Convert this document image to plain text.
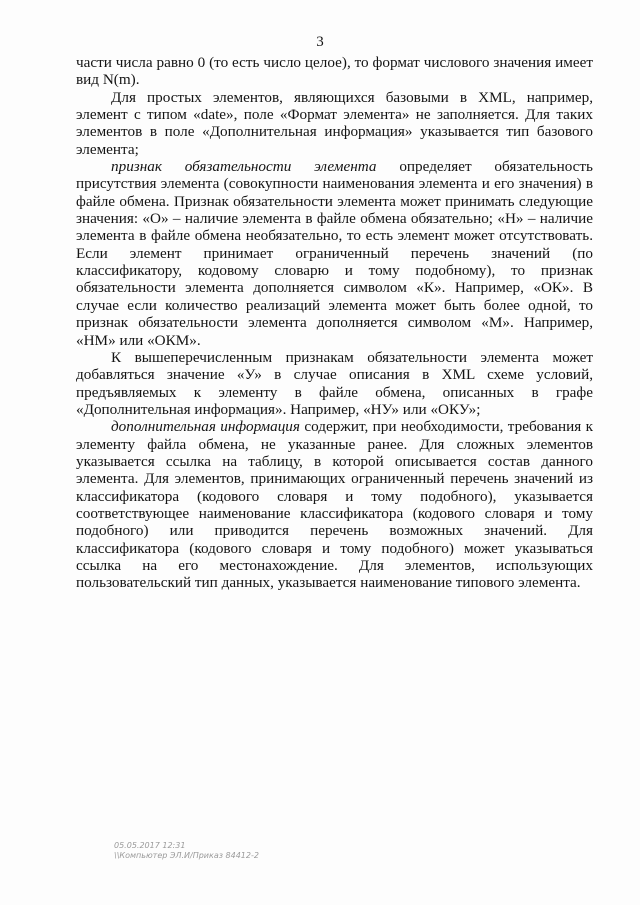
3

части числа равно 0 (то есть число целое), то формат числового значения имеет вид N(m).

Для простых элементов, являющихся базовыми в XML, например, элемент с типом «date», поле «Формат элемента» не заполняется. Для таких элементов в поле «Дополнительная информация» указывается тип базового элемента;

признак обязательности элемента определяет обязательность присутствия элемента (совокупности наименования элемента и его значения) в файле обмена. Признак обязательности элемента может принимать следующие значения: «О» – наличие элемента в файле обмена обязательно; «Н» – наличие элемента в файле обмена необязательно, то есть элемент может отсутствовать. Если элемент принимает ограниченный перечень значений (по классификатору, кодовому словарю и тому подобному), то признак обязательности элемента дополняется символом «К». Например, «ОК». В случае если количество реализаций элемента может быть более одной, то признак обязательности элемента дополняется символом «М». Например, «НМ» или «ОКМ».

К вышеперечисленным признакам обязательности элемента может добавляться значение «У» в случае описания в XML схеме условий, предъявляемых к элементу в файле обмена, описанных в графе «Дополнительная информация». Например, «НУ» или «ОКУ»;

дополнительная информация содержит, при необходимости, требования к элементу файла обмена, не указанные ранее. Для сложных элементов указывается ссылка на таблицу, в которой описывается состав данного элемента. Для элементов, принимающих ограниченный перечень значений из классификатора (кодового словаря и тому подобного), указывается соответствующее наименование классификатора (кодового словаря и тому подобного) или приводится перечень возможных значений. Для классификатора (кодового словаря и тому подобного) может указываться ссылка на его местонахождение. Для элементов, использующих пользовательский тип данных, указывается наименование типового элемента.

05.05.2017 12:31
\\Компьютер ЭЛ.И/Приказ 84412-2
